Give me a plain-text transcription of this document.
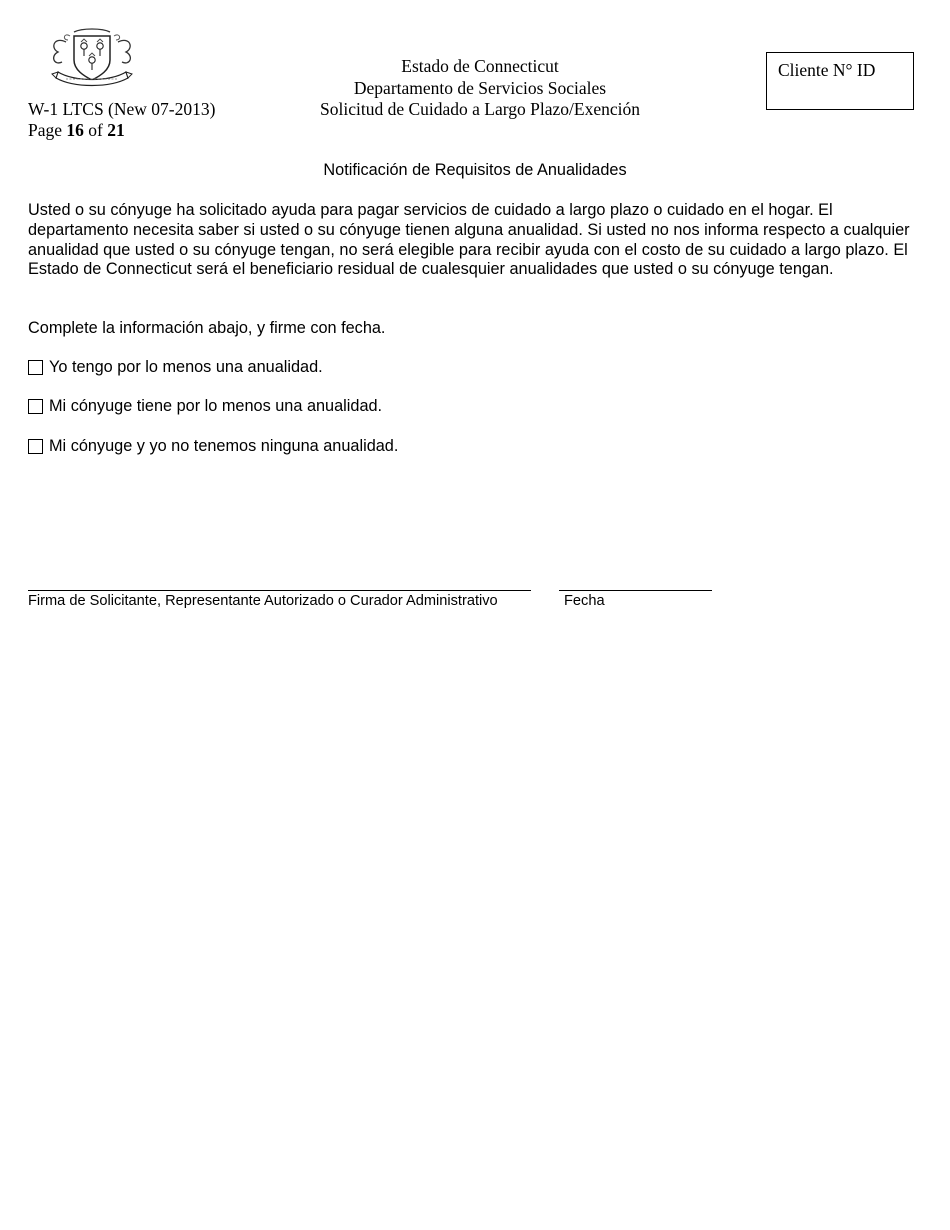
Estado de Connecticut
Departamento de Servicios Sociales
Solicitud de Cuidado a Largo Plazo/Exención
W-1 LTCS (New 07-2013)
Page 16 of 21
Cliente N° ID
Notificación de Requisitos de Anualidades
Usted o su cónyuge ha solicitado ayuda para pagar servicios de cuidado a largo plazo o cuidado en el hogar. El departamento necesita saber si usted o su cónyuge tienen alguna anualidad. Si usted no nos informa respecto a cualquier anualidad que usted o su cónyuge tengan, no será elegible para recibir ayuda con el costo de su cuidado a largo plazo. El Estado de Connecticut será el beneficiario residual de cualesquier anualidades que usted o su cónyuge tengan.
Complete la información abajo, y firme con fecha.
Yo tengo por lo menos una anualidad.
Mi cónyuge tiene por lo menos una anualidad.
Mi cónyuge y yo no tenemos ninguna anualidad.
Firma de Solicitante, Representante Autorizado o Curador Administrativo	Fecha
